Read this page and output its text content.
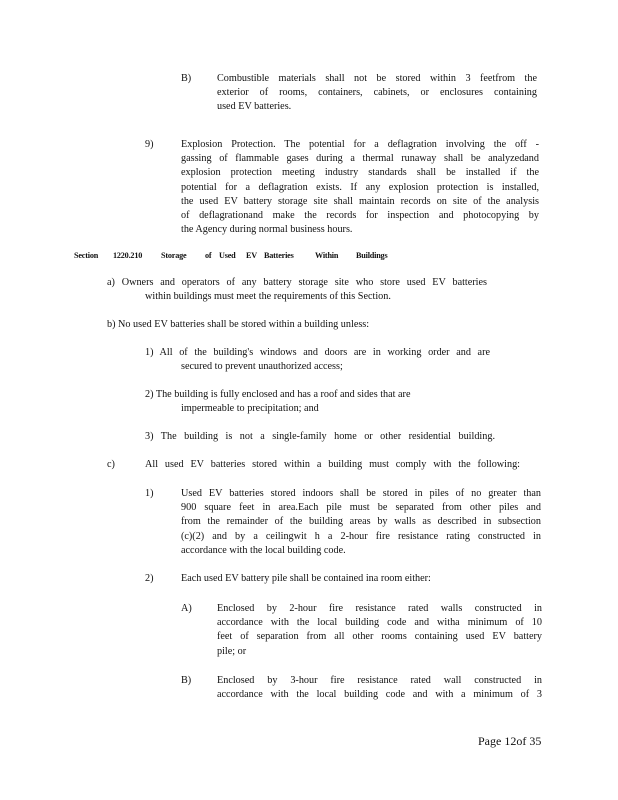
B)	Combustible materials shall not be stored within 3 feetfrom the
exterior of rooms, containers, cabinets, or enclosures containing
used EV batteries.
9)	Explosion Protection. The potential for a deflagration involving the off -
gassing of flammable gases during a thermal runaway shall be analyzedand
explosion protection meeting industry standards shall be installed if the
potential for a deflagration exists. If any explosion protection is installed,
the used EV battery storage site shall maintain records on site of the analysis
of deflagrationand make the records for inspection and photocopying by
the Agency during normal business hours.
Section 1220.210 Storage of Used EV Batteries	Within Buildings
a) Owners and operators of any battery storage site who store used EV batteries
within buildings must meet the requirements of this Section.
b) No used EV batteries shall be stored within a building unless:
1) All of the building's windows and doors are in working order and are
secured to prevent unauthorized access;
2) The building is fully enclosed and has a roof and sides that are
impermeable to precipitation; and
3) The building is not a single-family home or other residential building.
c)	All used EV batteries stored within a building must comply with the following:
1)	Used EV batteries stored indoors shall be stored in piles of no greater than
900 square feet in area.Each pile must be separated from other piles and
from the remainder of the building areas by walls as described in subsection
(c)(2) and by a ceilingwit h a 2-hour fire resistance rating constructed in
accordance with the local building code.
2)	Each used EV battery pile shall be contained ina room either:
A) Enclosed by 2-hour fire resistance rated walls constructed in
accordance with the local building code and witha minimum of 10
feet of separation from all other rooms containing used EV battery
pile; or
B)	Enclosed by 3-hour fire resistance rated wall constructed in
accordance with the local building code and with a minimum of 3
Page 12of 35
